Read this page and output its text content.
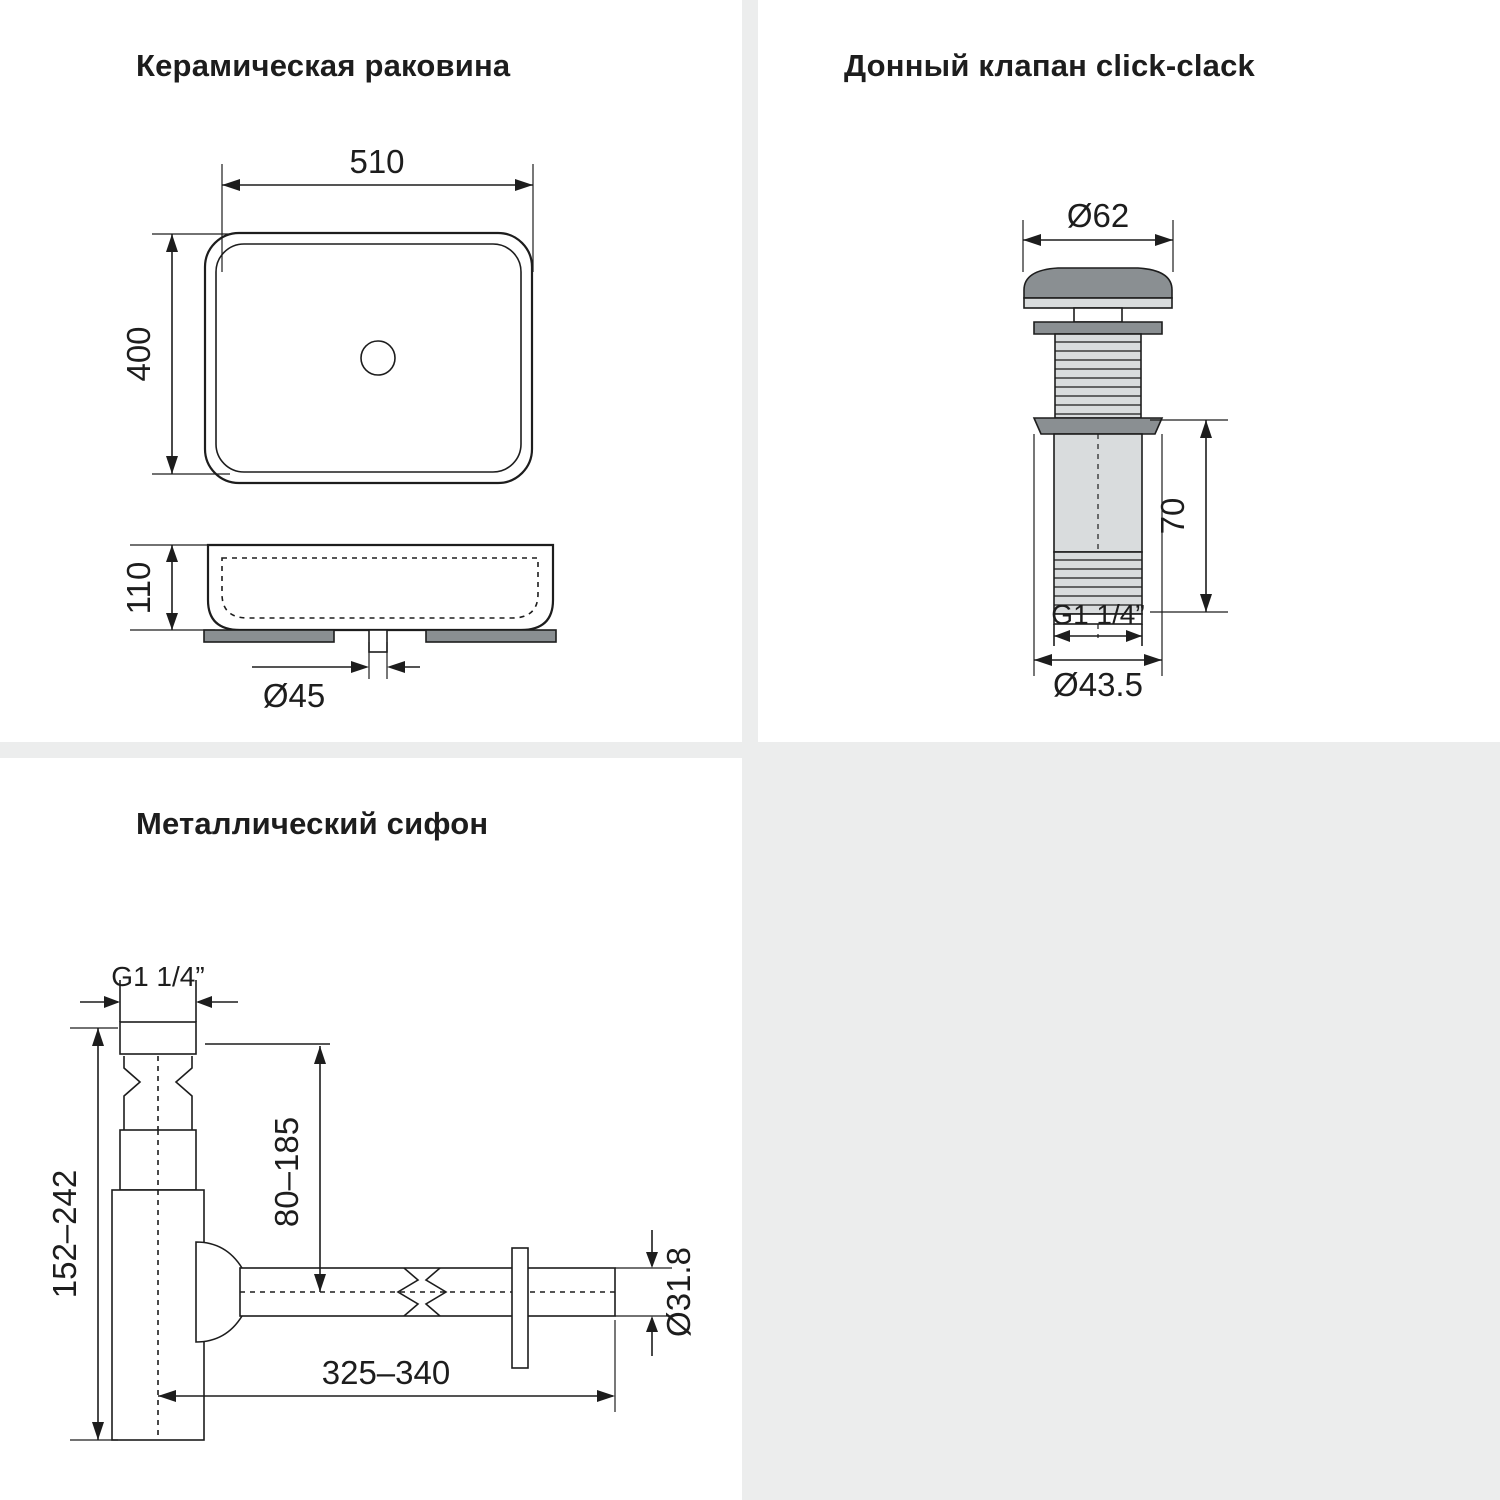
Керамическая раковина
510
400
110
Ø45
Донный клапан click-clack
Ø62
70
G1 1/4”
Ø43.5
Металлический сифон
G1 1/4”
152–242	80–185
Ø31.8
325–340
